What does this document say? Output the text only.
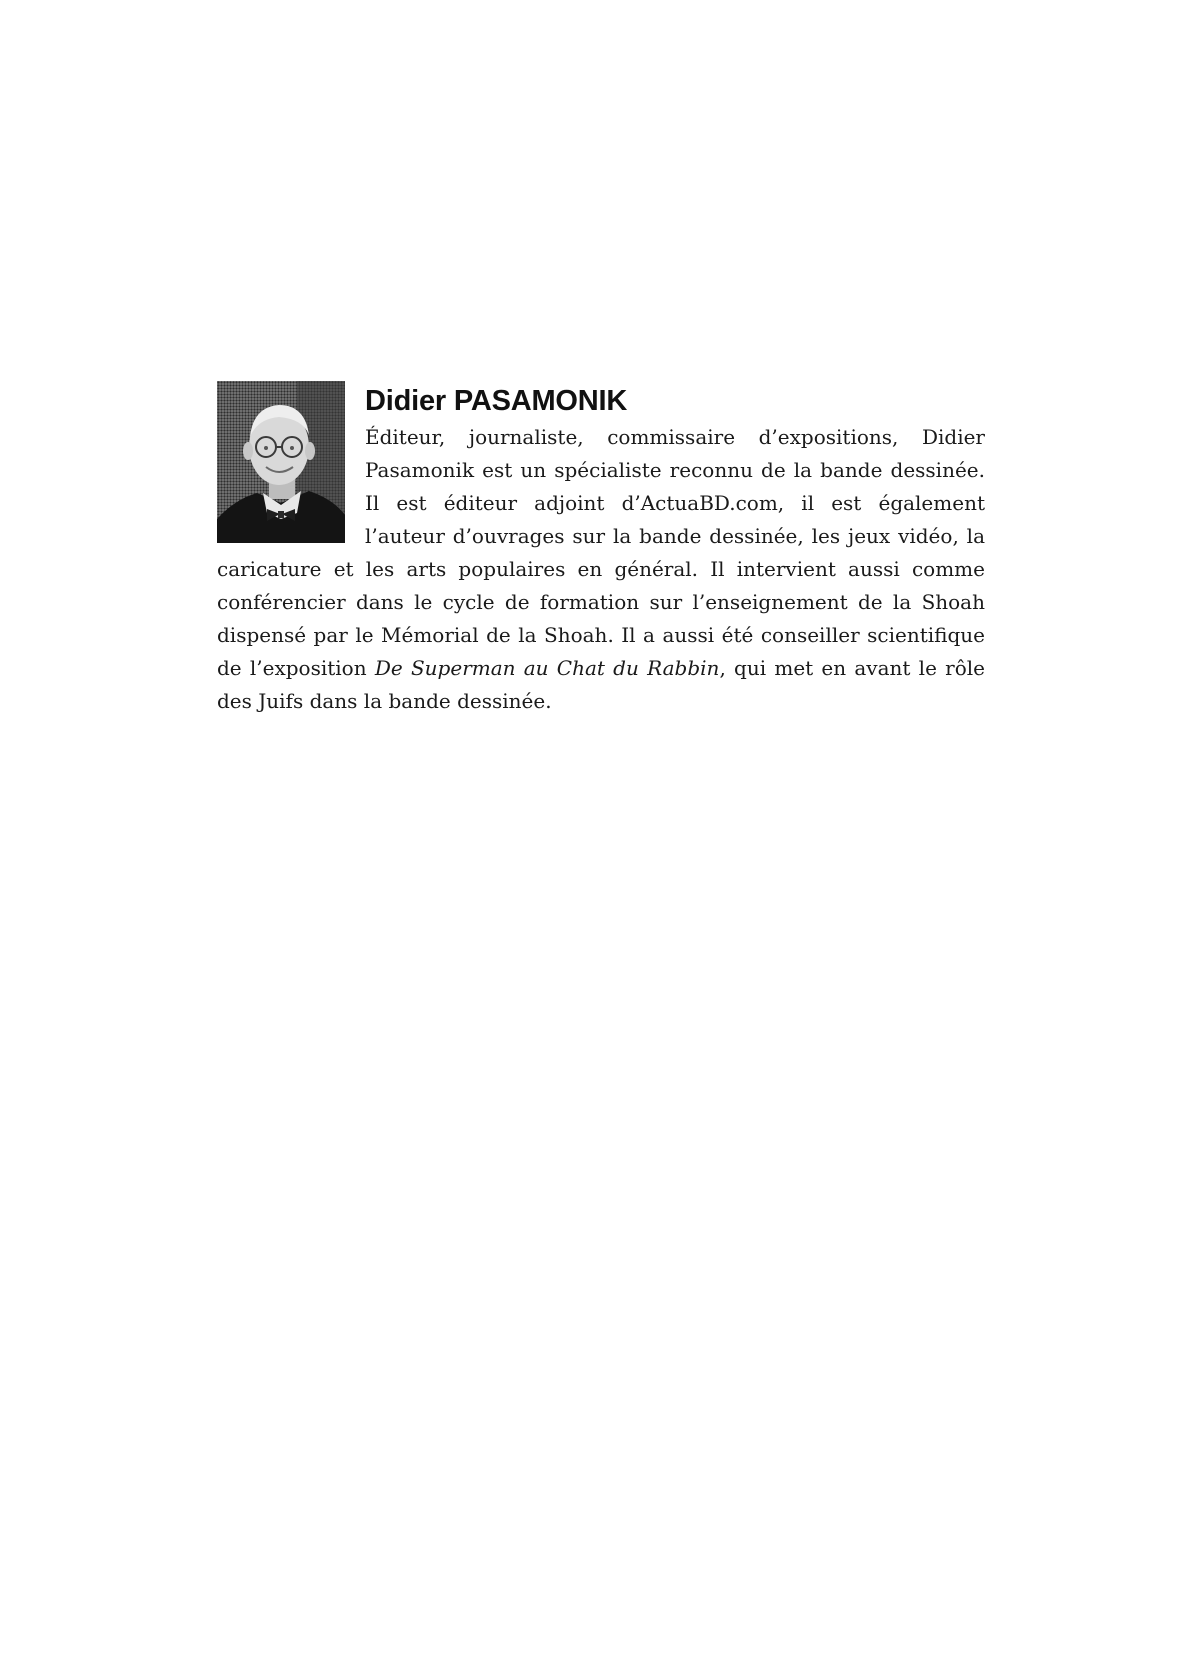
Didier PASAMONIK

Éditeur, journaliste, commissaire d’expositions, Didier Pasamonik est un spécialiste reconnu de la bande dessinée. Il est éditeur adjoint d’ActuaBD.com, il est également l’auteur d’ouvrages sur la bande dessinée, les jeux vidéo, la caricature et les arts populaires en général. Il intervient aussi comme conférencier dans le cycle de formation sur l’enseignement de la Shoah dispensé par le Mémorial de la Shoah. Il a aussi été conseiller scientifique de l’exposition De Superman au Chat du Rabbin, qui met en avant le rôle des Juifs dans la bande dessinée.
